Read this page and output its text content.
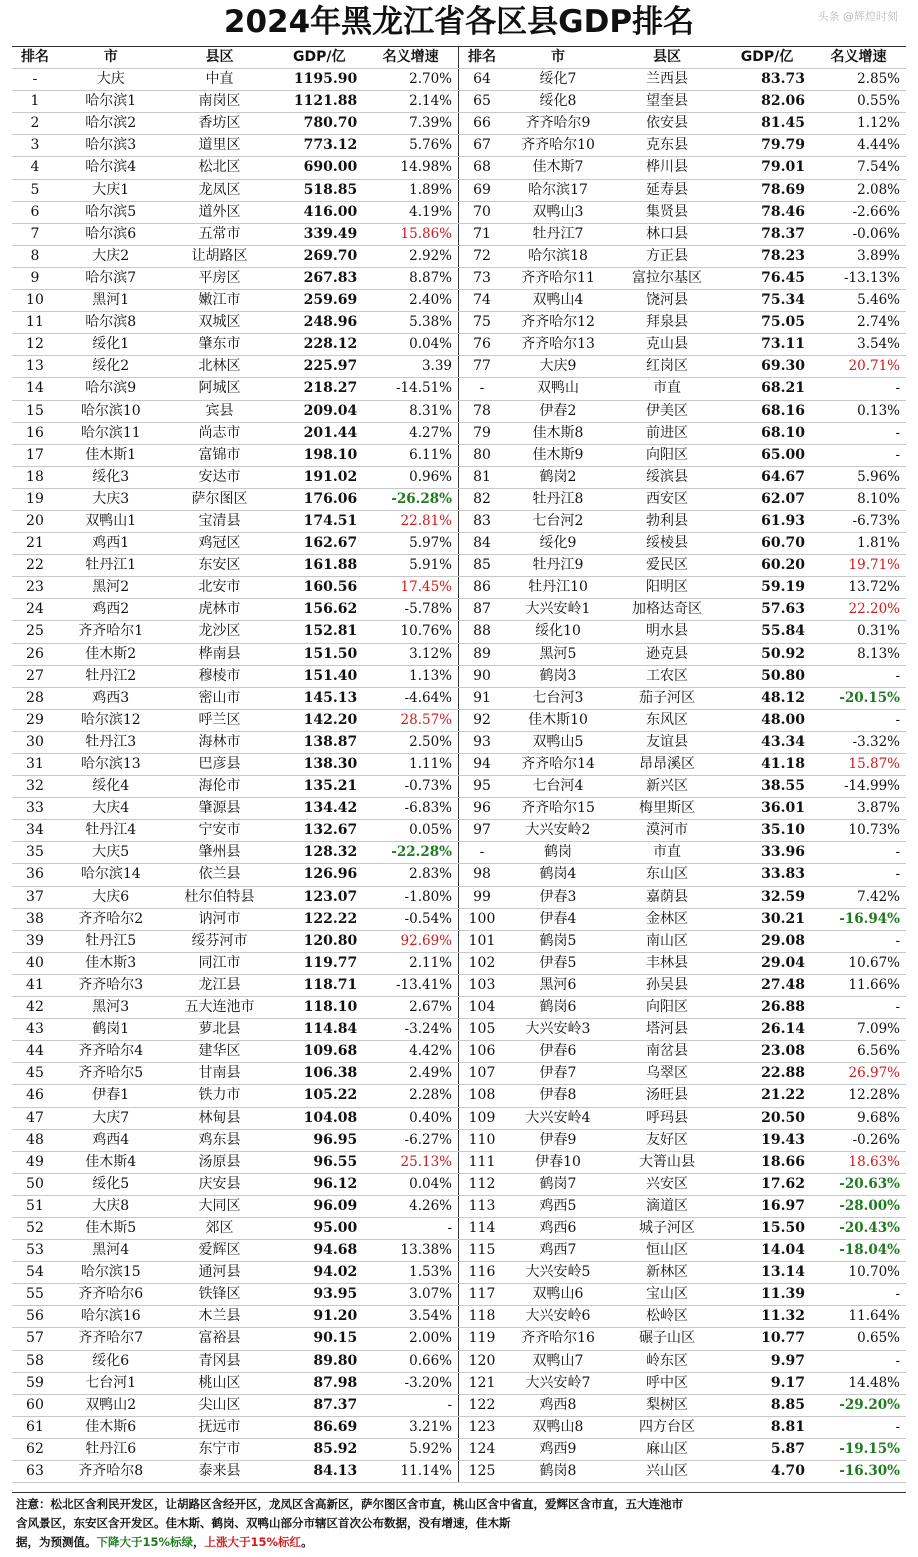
2024年黑龙江省各区县GDP排名	头条 @辉煌时刻
排名	市	县区	GDP/亿	名义增速	排名	市	县区	GDP/亿	名义增速
-	大庆	中直	1195.90	2.70%	64	绥化7	兰西县	83.73	2.85%
1	哈尔滨1	南岗区	1121.88	2.14%	65	绥化8	望奎县	82.06	0.55%
2	哈尔滨2	香坊区	780.70	7.39%	66	齐齐哈尔9	依安县	81.45	1.12%
3	哈尔滨3	道里区	773.12	5.76%	67	齐齐哈尔10	克东县	79.79	4.44%
4	哈尔滨4	松北区	690.00	14.98%	68	佳木斯7	桦川县	79.01	7.54%
5	大庆1	龙凤区	518.85	1.89%	69	哈尔滨17	延寿县	78.69	2.08%
6	哈尔滨5	道外区	416.00	4.19%	70	双鸭山3	集贤县	78.46	-2.66%
7	哈尔滨6	五常市	339.49	15.86%	71	牡丹江7	林口县	78.37	-0.06%
8	大庆2	让胡路区	269.70	2.92%	72	哈尔滨18	方正县	78.23	3.89%
9	哈尔滨7	平房区	267.83	8.87%	73	齐齐哈尔11	富拉尔基区	76.45	-13.13%
10	黑河1	嫩江市	259.69	2.40%	74	双鸭山4	饶河县	75.34	5.46%
11	哈尔滨8	双城区	248.96	5.38%	75	齐齐哈尔12	拜泉县	75.05	2.74%
12	绥化1	肇东市	228.12	0.04%	76	齐齐哈尔13	克山县	73.11	3.54%
13	绥化2	北林区	225.97	3.39	77	大庆9	红岗区	69.30	20.71%
14	哈尔滨9	阿城区	218.27	-14.51%	-	双鸭山	市直	68.21	-
15	哈尔滨10	宾县	209.04	8.31%	78	伊春2	伊美区	68.16	0.13%
16	哈尔滨11	尚志市	201.44	4.27%	79	佳木斯8	前进区	68.10	-
17	佳木斯1	富锦市	198.10	6.11%	80	佳木斯9	向阳区	65.00	-
18	绥化3	安达市	191.02	0.96%	81	鹤岗2	绥滨县	64.67	5.96%
19	大庆3	萨尔图区	176.06	-26.28%	82	牡丹江8	西安区	62.07	8.10%
20	双鸭山1	宝清县	174.51	22.81%	83	七台河2	勃利县	61.93	-6.73%
21	鸡西1	鸡冠区	162.67	5.97%	84	绥化9	绥棱县	60.70	1.81%
22	牡丹江1	东安区	161.88	5.91%	85	牡丹江9	爱民区	60.20	19.71%
23	黑河2	北安市	160.56	17.45%	86	牡丹江10	阳明区	59.19	13.72%
24	鸡西2	虎林市	156.62	-5.78%	87	大兴安岭1	加格达奇区	57.63	22.20%
25	齐齐哈尔1	龙沙区	152.81	10.76%	88	绥化10	明水县	55.84	0.31%
26	佳木斯2	桦南县	151.50	3.12%	89	黑河5	逊克县	50.92	8.13%
27	牡丹江2	穆棱市	151.40	1.13%	90	鹤岗3	工农区	50.80	-
28	鸡西3	密山市	145.13	-4.64%	91	七台河3	茄子河区	48.12	-20.15%
29	哈尔滨12	呼兰区	142.20	28.57%	92	佳木斯10	东风区	48.00	-
30	牡丹江3	海林市	138.87	2.50%	93	双鸭山5	友谊县	43.34	-3.32%
31	哈尔滨13	巴彦县	138.30	1.11%	94	齐齐哈尔14	昂昂溪区	41.18	15.87%
32	绥化4	海伦市	135.21	-0.73%	95	七台河4	新兴区	38.55	-14.99%
33	大庆4	肇源县	134.42	-6.83%	96	齐齐哈尔15	梅里斯区	36.01	3.87%
34	牡丹江4	宁安市	132.67	0.05%	97	大兴安岭2	漠河市	35.10	10.73%
35	大庆5	肇州县	128.32	-22.28%	-	鹤岗	市直	33.96	-
36	哈尔滨14	依兰县	126.96	2.83%	98	鹤岗4	东山区	33.83	-
37	大庆6	杜尔伯特县	123.07	-1.80%	99	伊春3	嘉荫县	32.59	7.42%
38	齐齐哈尔2	讷河市	122.22	-0.54%	100	伊春4	金林区	30.21	-16.94%
39	牡丹江5	绥芬河市	120.80	92.69%	101	鹤岗5	南山区	29.08	-
40	佳木斯3	同江市	119.77	2.11%	102	伊春5	丰林县	29.04	10.67%
41	齐齐哈尔3	龙江县	118.71	-13.41%	103	黑河6	孙吴县	27.48	11.66%
42	黑河3	五大连池市	118.10	2.67%	104	鹤岗6	向阳区	26.88	-
43	鹤岗1	萝北县	114.84	-3.24%	105	大兴安岭3	塔河县	26.14	7.09%
44	齐齐哈尔4	建华区	109.68	4.42%	106	伊春6	南岔县	23.08	6.56%
45	齐齐哈尔5	甘南县	106.38	2.49%	107	伊春7	乌翠区	22.88	26.97%
46	伊春1	铁力市	105.22	2.28%	108	伊春8	汤旺县	21.22	12.28%
47	大庆7	林甸县	104.08	0.40%	109	大兴安岭4	呼玛县	20.50	9.68%
48	鸡西4	鸡东县	96.95	-6.27%	110	伊春9	友好区	19.43	-0.26%
49	佳木斯4	汤原县	96.55	25.13%	111	伊春10	大箐山县	18.66	18.63%
50	绥化5	庆安县	96.12	0.04%	112	鹤岗7	兴安区	17.62	-20.63%
51	大庆8	大同区	96.09	4.26%	113	鸡西5	滴道区	16.97	-28.00%
52	佳木斯5	郊区	95.00	-	114	鸡西6	城子河区	15.50	-20.43%
53	黑河4	爱辉区	94.68	13.38%	115	鸡西7	恒山区	14.04	-18.04%
54	哈尔滨15	通河县	94.02	1.53%	116	大兴安岭5	新林区	13.14	10.70%
55	齐齐哈尔6	铁锋区	93.95	3.07%	117	双鸭山6	宝山区	11.39	-
56	哈尔滨16	木兰县	91.20	3.54%	118	大兴安岭6	松岭区	11.32	11.64%
57	齐齐哈尔7	富裕县	90.15	2.00%	119	齐齐哈尔16	碾子山区	10.77	0.65%
58	绥化6	青冈县	89.80	0.66%	120	双鸭山7	岭东区	9.97	-
59	七台河1	桃山区	87.98	-3.20%	121	大兴安岭7	呼中区	9.17	14.48%
60	双鸭山2	尖山区	87.37	-	122	鸡西8	梨树区	8.85	-29.20%
61	佳木斯6	抚远市	86.69	3.21%	123	双鸭山8	四方台区	8.81	-
62	牡丹江6	东宁市	85.92	5.92%	124	鸡西9	麻山区	5.87	-19.15%
63	齐齐哈尔8	泰来县	84.13	11.14%	125	鹤岗8	兴山区	4.70	-16.30%
注意：松北区含利民开发区，让胡路区含经开区，龙凤区含高新区，萨尔图区含市直，桃山区含中省直，爱辉区含市直，五大连池市
含风景区，东安区含开发区。佳木斯、鹤岗、双鸭山部分市辖区首次公布数据，没有增速，佳木斯
据，为预测值。下降大于15%标绿，上涨大于15%标红。
